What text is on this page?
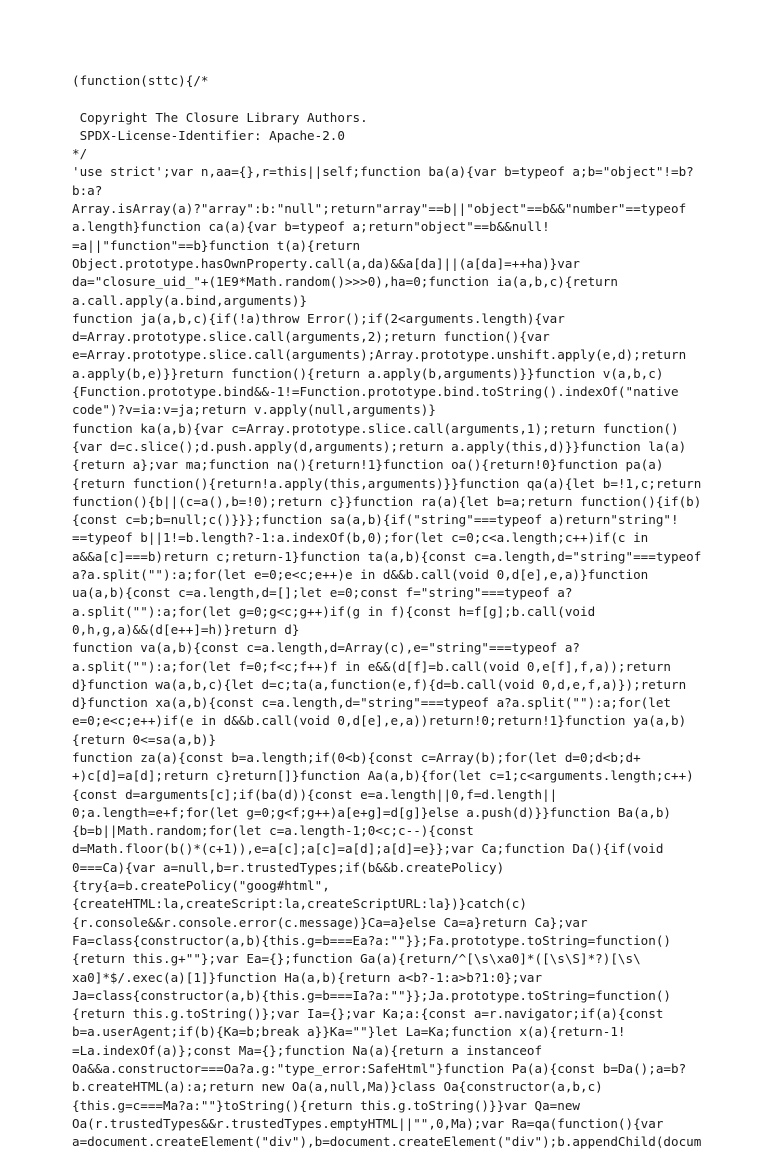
(function(sttc){/*
Copyright The Closure Library Authors.
SPDX-License-Identifier: Apache-2.0
*/
'use strict';var n,aa={},r=this||self;function ba(a){var b=typeof a;b="object"!=b?
b:a?
Array.isArray(a)?"array":b:"null";return"array"==b||"object"==b&&"number"==typeof
a.length}function ca(a){var b=typeof a;return"object"==b&&null!
=a||"function"==b}function t(a){return
Object.prototype.hasOwnProperty.call(a,da)&&a[da]||(a[da]=++ha)}var
da="closure_uid_"+(1E9*Math.random()>>>0),ha=0;function ia(a,b,c){return
a.call.apply(a.bind,arguments)}
function ja(a,b,c){if(!a)throw Error();if(2<arguments.length){var
d=Array.prototype.slice.call(arguments,2);return function(){var
e=Array.prototype.slice.call(arguments);Array.prototype.unshift.apply(e,d);return
a.apply(b,e)}}return function(){return a.apply(b,arguments)}}function v(a,b,c)
{Function.prototype.bind&&-1!=Function.prototype.bind.toString().indexOf("native
code")?v=ia:v=ja;return v.apply(null,arguments)}
function ka(a,b){var c=Array.prototype.slice.call(arguments,1);return function()
{var d=c.slice();d.push.apply(d,arguments);return a.apply(this,d)}}function la(a)
{return a};var ma;function na(){return!1}function oa(){return!0}function pa(a)
{return function(){return!a.apply(this,arguments)}}function qa(a){let b=!1,c;return
function(){b||(c=a(),b=!0);return c}}function ra(a){let b=a;return function(){if(b)
{const c=b;b=null;c()}}};function sa(a,b){if("string"===typeof a)return"string"!
==typeof b||1!=b.length?-1:a.indexOf(b,0);for(let c=0;c<a.length;c++)if(c in
a&&a[c]===b)return c;return-1}function ta(a,b){const c=a.length,d="string"===typeof
a?a.split(""):a;for(let e=0;e<c;e++)e in d&&b.call(void 0,d[e],e,a)}function
ua(a,b){const c=a.length,d=[];let e=0;const f="string"===typeof a?
a.split(""):a;for(let g=0;g<c;g++)if(g in f){const h=f[g];b.call(void
0,h,g,a)&&(d[e++]=h)}return d}
function va(a,b){const c=a.length,d=Array(c),e="string"===typeof a?
a.split(""):a;for(let f=0;f<c;f++)f in e&&(d[f]=b.call(void 0,e[f],f,a));return
d}function wa(a,b,c){let d=c;ta(a,function(e,f){d=b.call(void 0,d,e,f,a)});return
d}function xa(a,b){const c=a.length,d="string"===typeof a?a.split(""):a;for(let
e=0;e<c;e++)if(e in d&&b.call(void 0,d[e],e,a))return!0;return!1}function ya(a,b)
{return 0<=sa(a,b)}
function za(a){const b=a.length;if(0<b){const c=Array(b);for(let d=0;d<b;d+
+)c[d]=a[d];return c}return[]}function Aa(a,b){for(let c=1;c<arguments.length;c++)
{const d=arguments[c];if(ba(d)){const e=a.length||0,f=d.length||
0;a.length=e+f;for(let g=0;g<f;g++)a[e+g]=d[g]}else a.push(d)}}function Ba(a,b)
{b=b||Math.random;for(let c=a.length-1;0<c;c--){const
d=Math.floor(b()*(c+1)),e=a[c];a[c]=a[d];a[d]=e}};var Ca;function Da(){if(void
0===Ca){var a=null,b=r.trustedTypes;if(b&&b.createPolicy)
{try{a=b.createPolicy("goog#html",
{createHTML:la,createScript:la,createScriptURL:la})}catch(c)
{r.console&&r.console.error(c.message)}Ca=a}else Ca=a}return Ca};var
Fa=class{constructor(a,b){this.g=b===Ea?a:""}};Fa.prototype.toString=function()
{return this.g+""};var Ea={};function Ga(a){return/^[\s\xa0]*([\s\S]*?)[\s\
xa0]*$/.exec(a)[1]}function Ha(a,b){return a<b?-1:a>b?1:0};var
Ja=class{constructor(a,b){this.g=b===Ia?a:""}};Ja.prototype.toString=function()
{return this.g.toString()};var Ia={};var Ka;a:{const a=r.navigator;if(a){const
b=a.userAgent;if(b){Ka=b;break a}}Ka=""}let La=Ka;function x(a){return-1!
=La.indexOf(a)};const Ma={};function Na(a){return a instanceof
Oa&&a.constructor===Oa?a.g:"type_error:SafeHtml"}function Pa(a){const b=Da();a=b?
b.createHTML(a):a;return new Oa(a,null,Ma)}class Oa{constructor(a,b,c)
{this.g=c===Ma?a:""}toString(){return this.g.toString()}}var Qa=new
Oa(r.trustedTypes&&r.trustedTypes.emptyHTML||"",0,Ma);var Ra=qa(function(){var
a=document.createElement("div"),b=document.createElement("div");b.appendChild(docum
